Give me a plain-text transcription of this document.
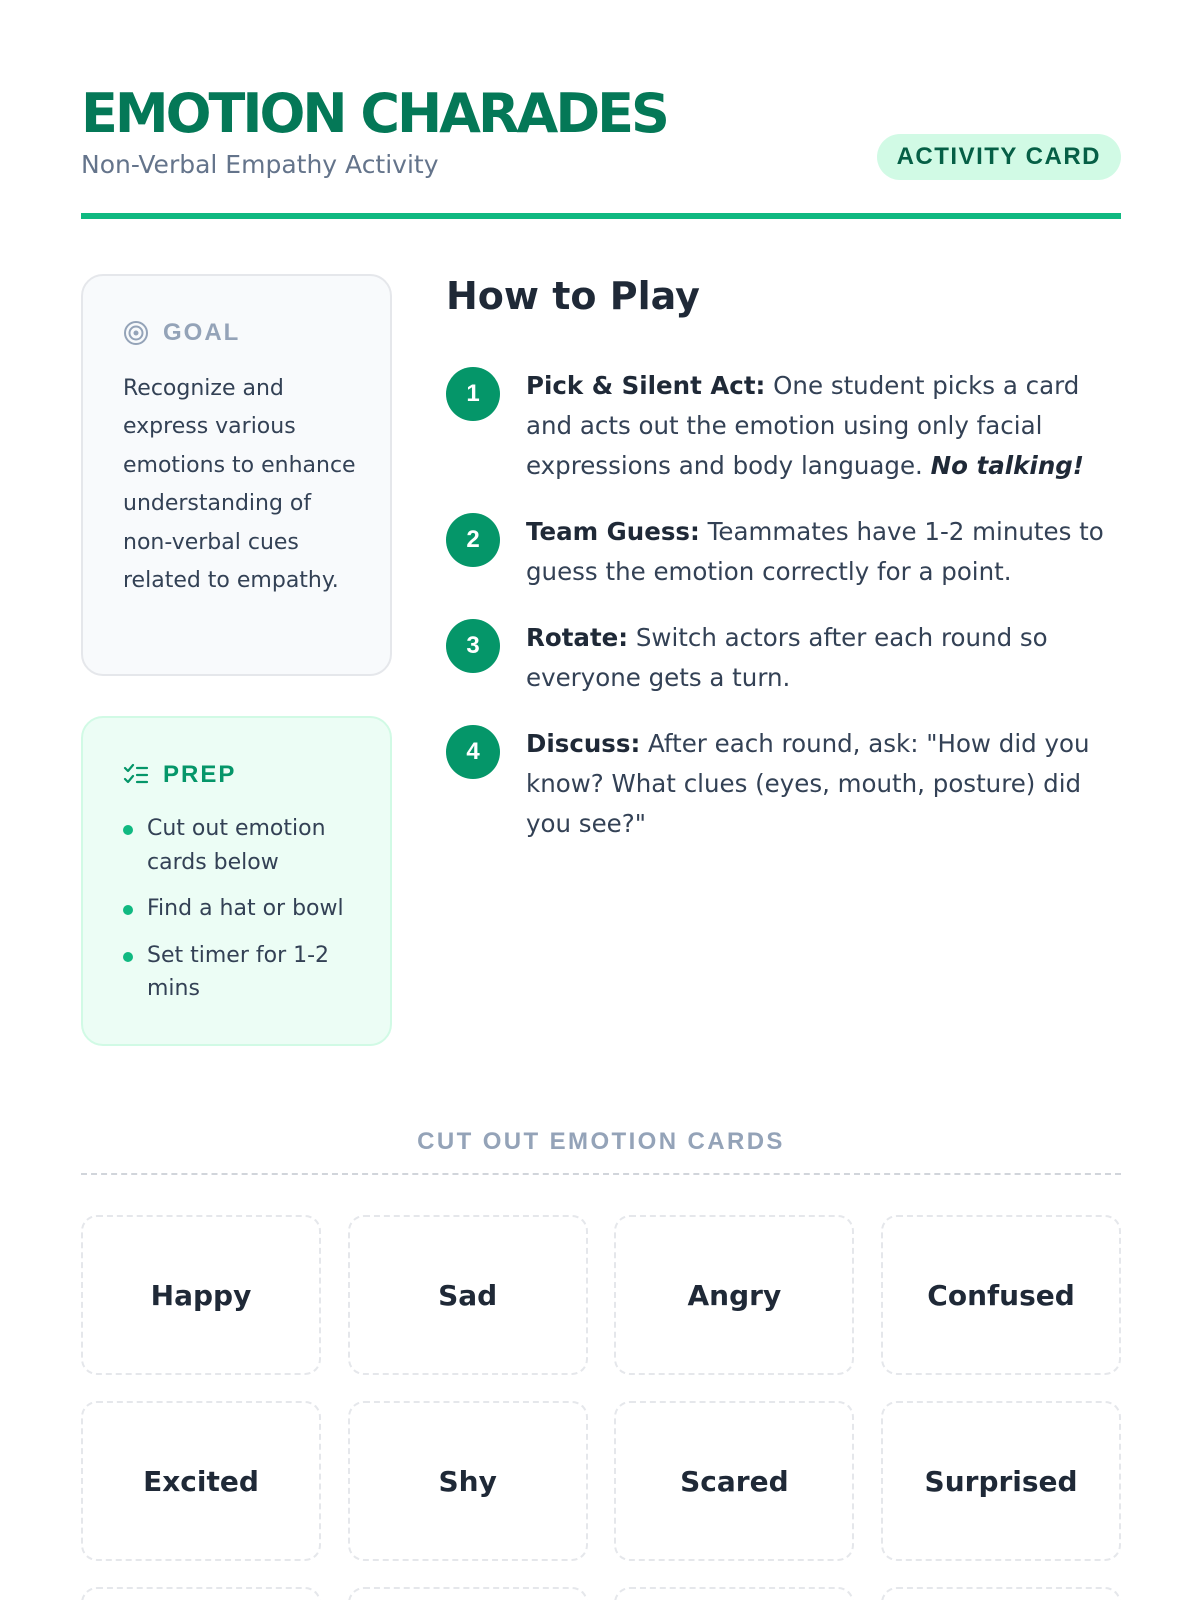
EMOTION CHARADES
Non-Verbal Empathy Activity	ACTIVITY CARD
GOAL

Recognize and express various emotions to enhance understanding of non-verbal cues related to empathy.

PREP
Cut out emotion cards below
Find a hat or bowl
Set timer for 1-2 mins
How to Play
1	Pick & Silent Act: One student picks a card and acts out the emotion using only facial expressions and body language. No talking!

2	Team Guess: Teammates have 1-2 minutes to guess the emotion correctly for a point.

3	Rotate: Switch actors after each round so everyone gets a turn.

4	Discuss: After each round, ask: "How did you know? What clues (eyes, mouth, posture) did you see?"

CUT OUT EMOTION CARDS
Happy	Sad	Angry	Confused
Excited	Shy	Scared	Surprised
